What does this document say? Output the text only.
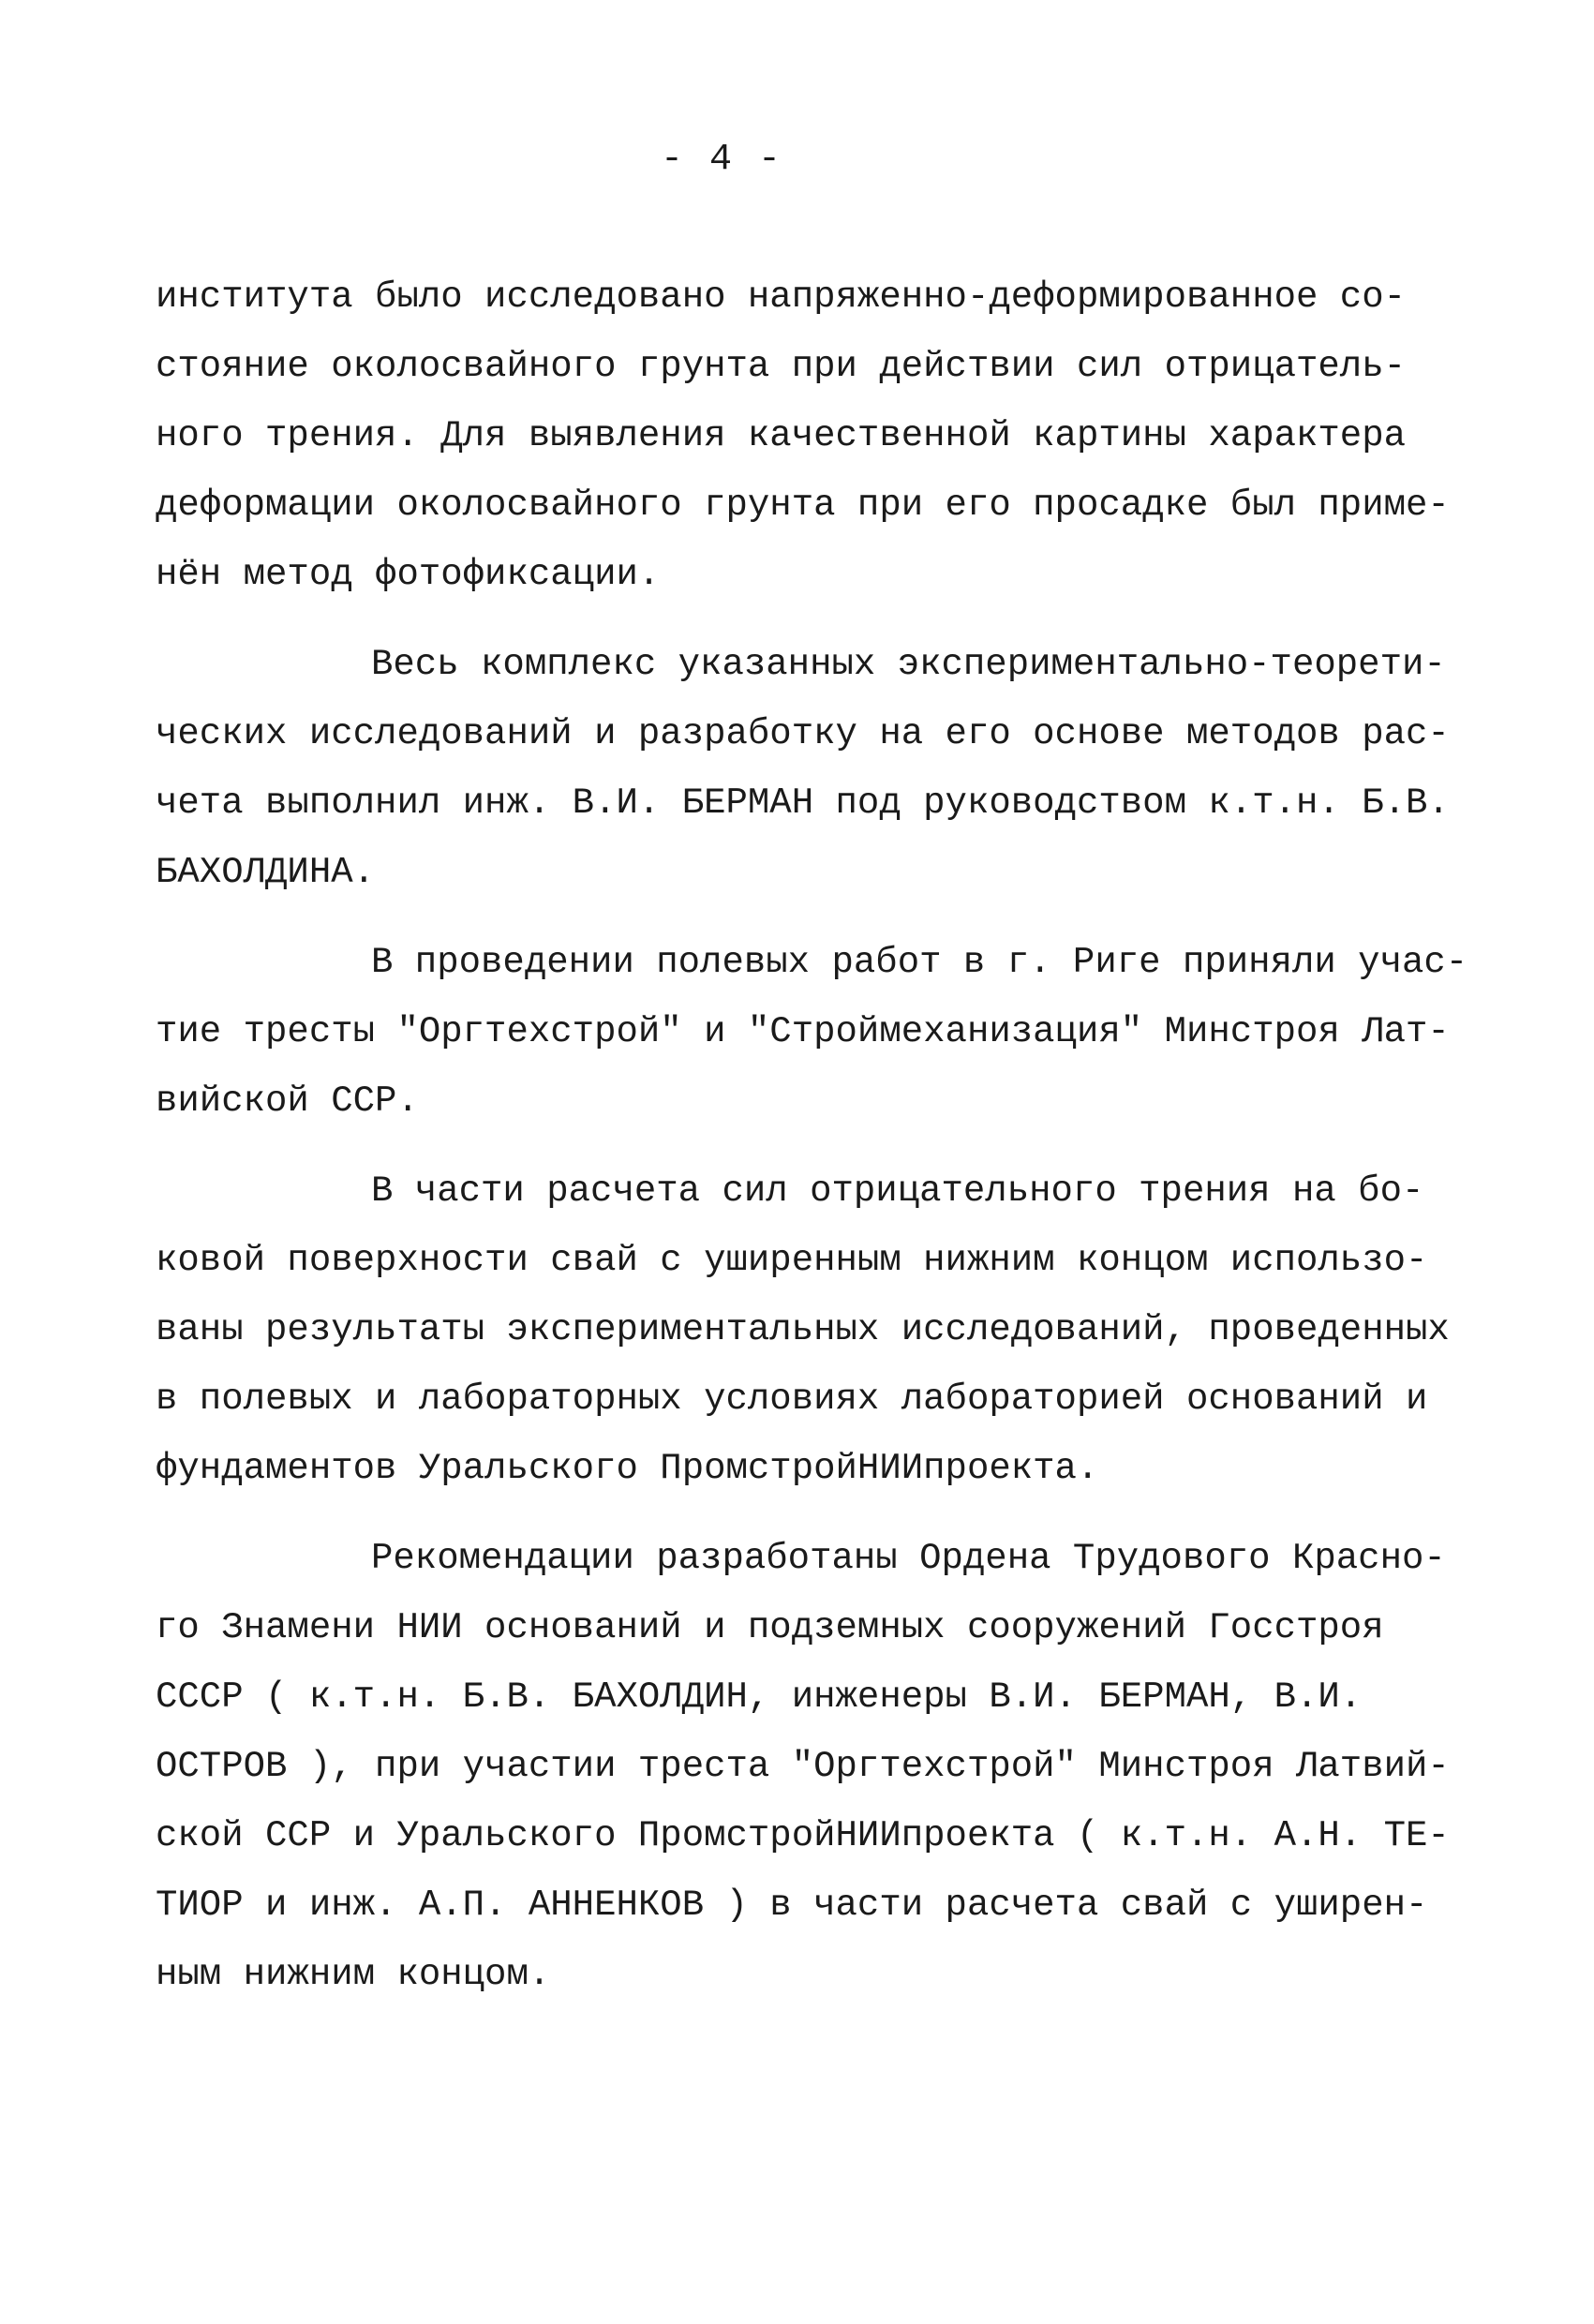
- 4 -
института было исследовано напряженно-деформированное со-
стояние околосвайного грунта при действии сил отрицатель-
ного трения. Для выявления качественной картины характера
деформации околосвайного грунта при его просадке был приме-
нён метод фотофиксации.
Весь комплекс указанных экспериментально-теорети-
ческих исследований и разработку на его основе методов рас-
чета выполнил инж. В.И. БЕРМАН под руководством к.т.н. Б.В.
БАХОЛДИНА.
В проведении полевых работ в г. Риге приняли учас-
тие тресты "Оргтехстрой" и "Строймеханизация" Минстроя Лат-
вийской ССР.
В части расчета сил отрицательного трения на бо-
ковой поверхности свай с уширенным нижним концом использо-
ваны результаты экспериментальных исследований, проведенных
в полевых и лабораторных условиях лабораторией оснований и
фундаментов Уральского ПромстройНИИпроекта.
Рекомендации разработаны Ордена Трудового Красно-
го Знамени НИИ оснований и подземных сооружений Госстроя
СССР ( к.т.н. Б.В. БАХОЛДИН, инженеры В.И. БЕРМАН, В.И.
ОСТРОВ ), при участии треста "Оргтехстрой" Минстроя Латвий-
ской ССР и Уральского ПромстройНИИпроекта ( к.т.н. А.Н. ТЕ-
ТИОР и инж. А.П. АННЕНКОВ ) в части расчета свай с уширен-
ным нижним концом.
